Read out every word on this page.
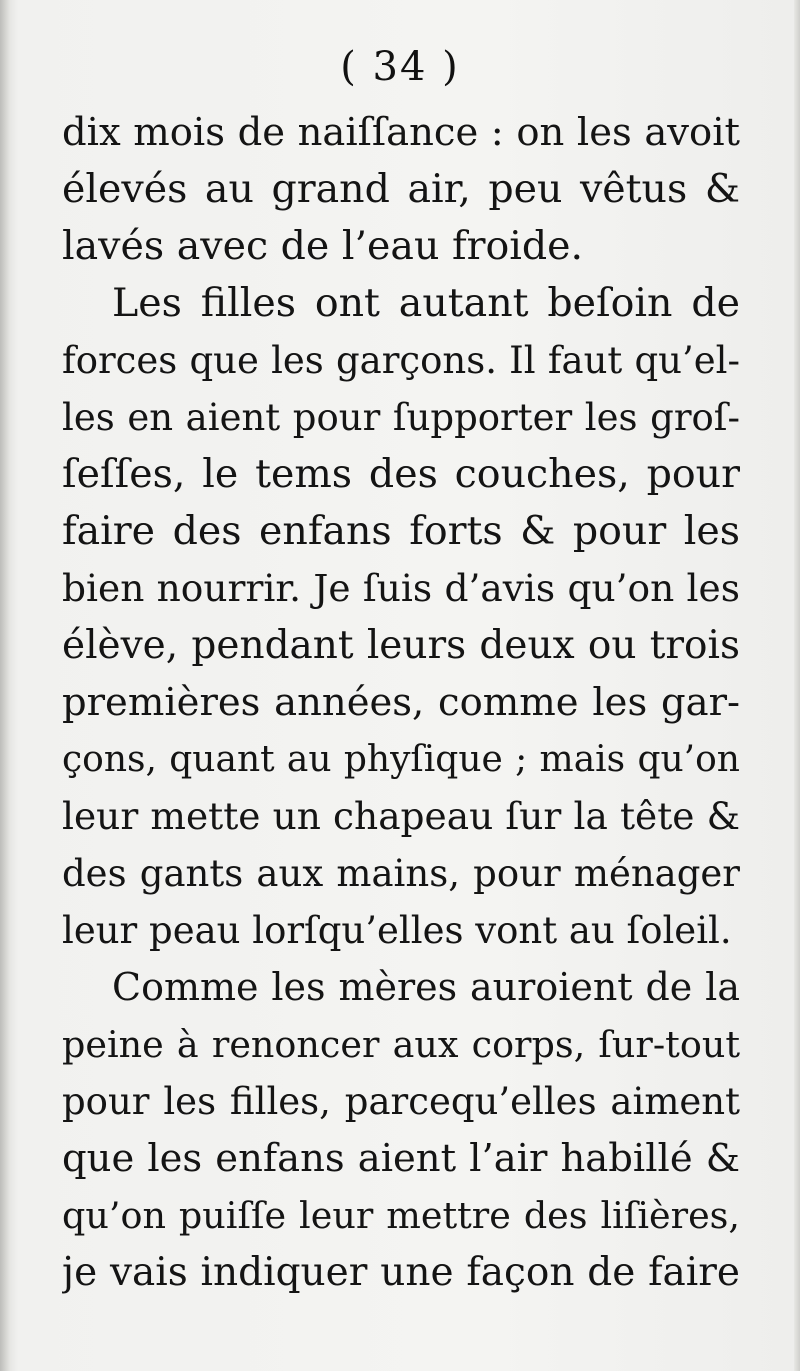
( 34 )
dix mois de naiſſance : on les avoit
élevés au grand air, peu vêtus &
lavés avec de l’eau froide.
Les filles ont autant beſoin de
forces que les garçons. Il faut qu’el-
les en aient pour ſupporter les groſ-
ſeſſes, le tems des couches, pour
faire des enfans forts & pour les
bien nourrir. Je ſuis d’avis qu’on les
élève, pendant leurs deux ou trois
premières années, comme les gar-
çons, quant au phyſique ; mais qu’on
leur mette un chapeau ſur la tête &
des gants aux mains, pour ménager
leur peau lorſqu’elles vont au ſoleil.
Comme les mères auroient de la
peine à renoncer aux corps, ſur-tout
pour les filles, parcequ’elles aiment
que les enfans aient l’air habillé &
qu’on puiſſe leur mettre des liſières,
je vais indiquer une façon de faire
